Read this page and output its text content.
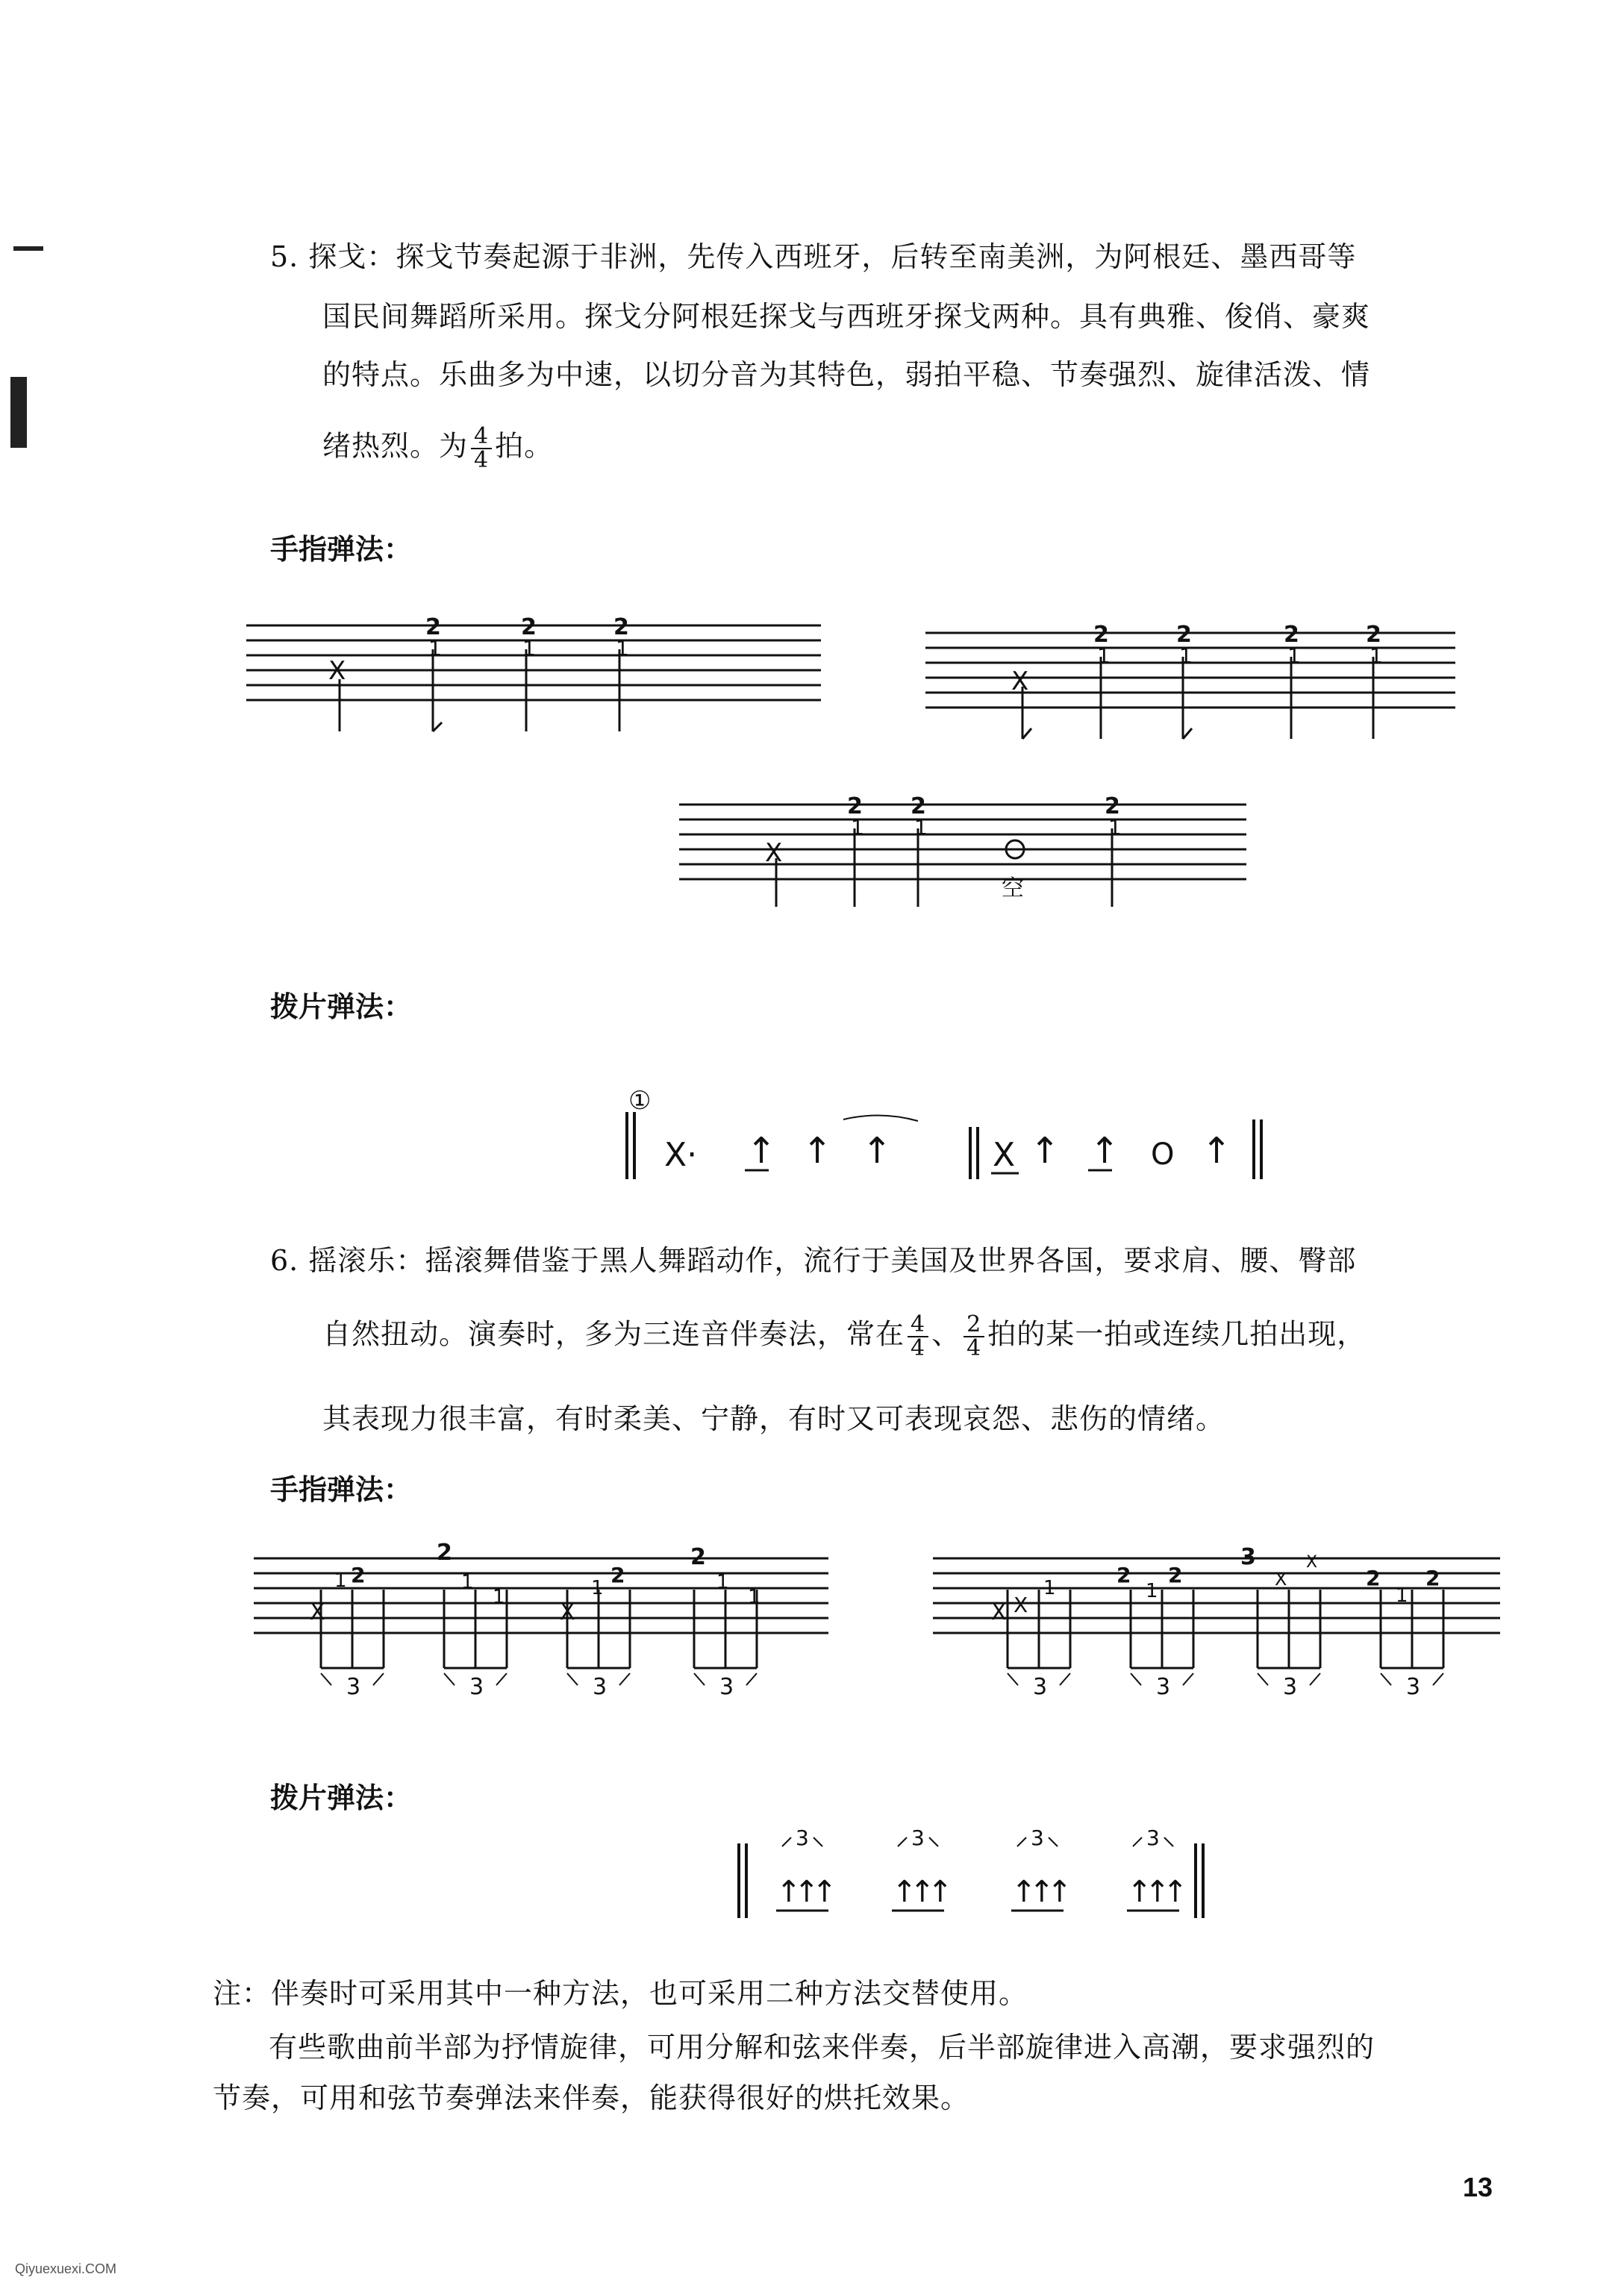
5. 探戈：探戈节奏起源于非洲，先传入西班牙，后转至南美洲，为阿根廷、墨西哥等
国民间舞蹈所采用。探戈分阿根廷探戈与西班牙探戈两种。具有典雅、俊俏、豪爽
的特点。乐曲多为中速，以切分音为其特色，弱拍平稳、节奏强烈、旋律活泼、情
绪热烈。为 $\frac{4}{4}$ 拍。
手指弹法：
X
2
1
2
1
2
1
X
2
1
2
1
2
1
2
1
X
2
1
2
1
2
1
空
拨片弹法：
①
X· ↑ ↑ ↑	X ↑ ↑ O ↑
6. 摇滚乐：摇滚舞借鉴于黑人舞蹈动作，流行于美国及世界各国，要求肩、腰、臀部
自然扭动。演奏时，多为三连音伴奏法，常在 $\frac{4}{4}$ 、 $\frac{2}{4}$ 拍的某一拍或连续几拍出现，
其表现力很丰富，有时柔美、宁静，有时又可表现哀怨、悲伤的情绪。
手指弹法：
3	3	3	3
X
1 2
2
1
1
X
1
2
2
1
1
3	3	3	3
X X
1
2
1
2
3
X
X
2
1
2
拨片弹法：
↑
↑
↑
3
↑
↑
↑
3
↑
↑
↑
3
↑
↑
↑
3
注：伴奏时可采用其中一种方法，也可采用二种方法交替使用。
有些歌曲前半部为抒情旋律，可用分解和弦来伴奏，后半部旋律进入高潮，要求强烈的
节奏，可用和弦节奏弹法来伴奏，能获得很好的烘托效果。
13
Qiyuexuexi.COM
